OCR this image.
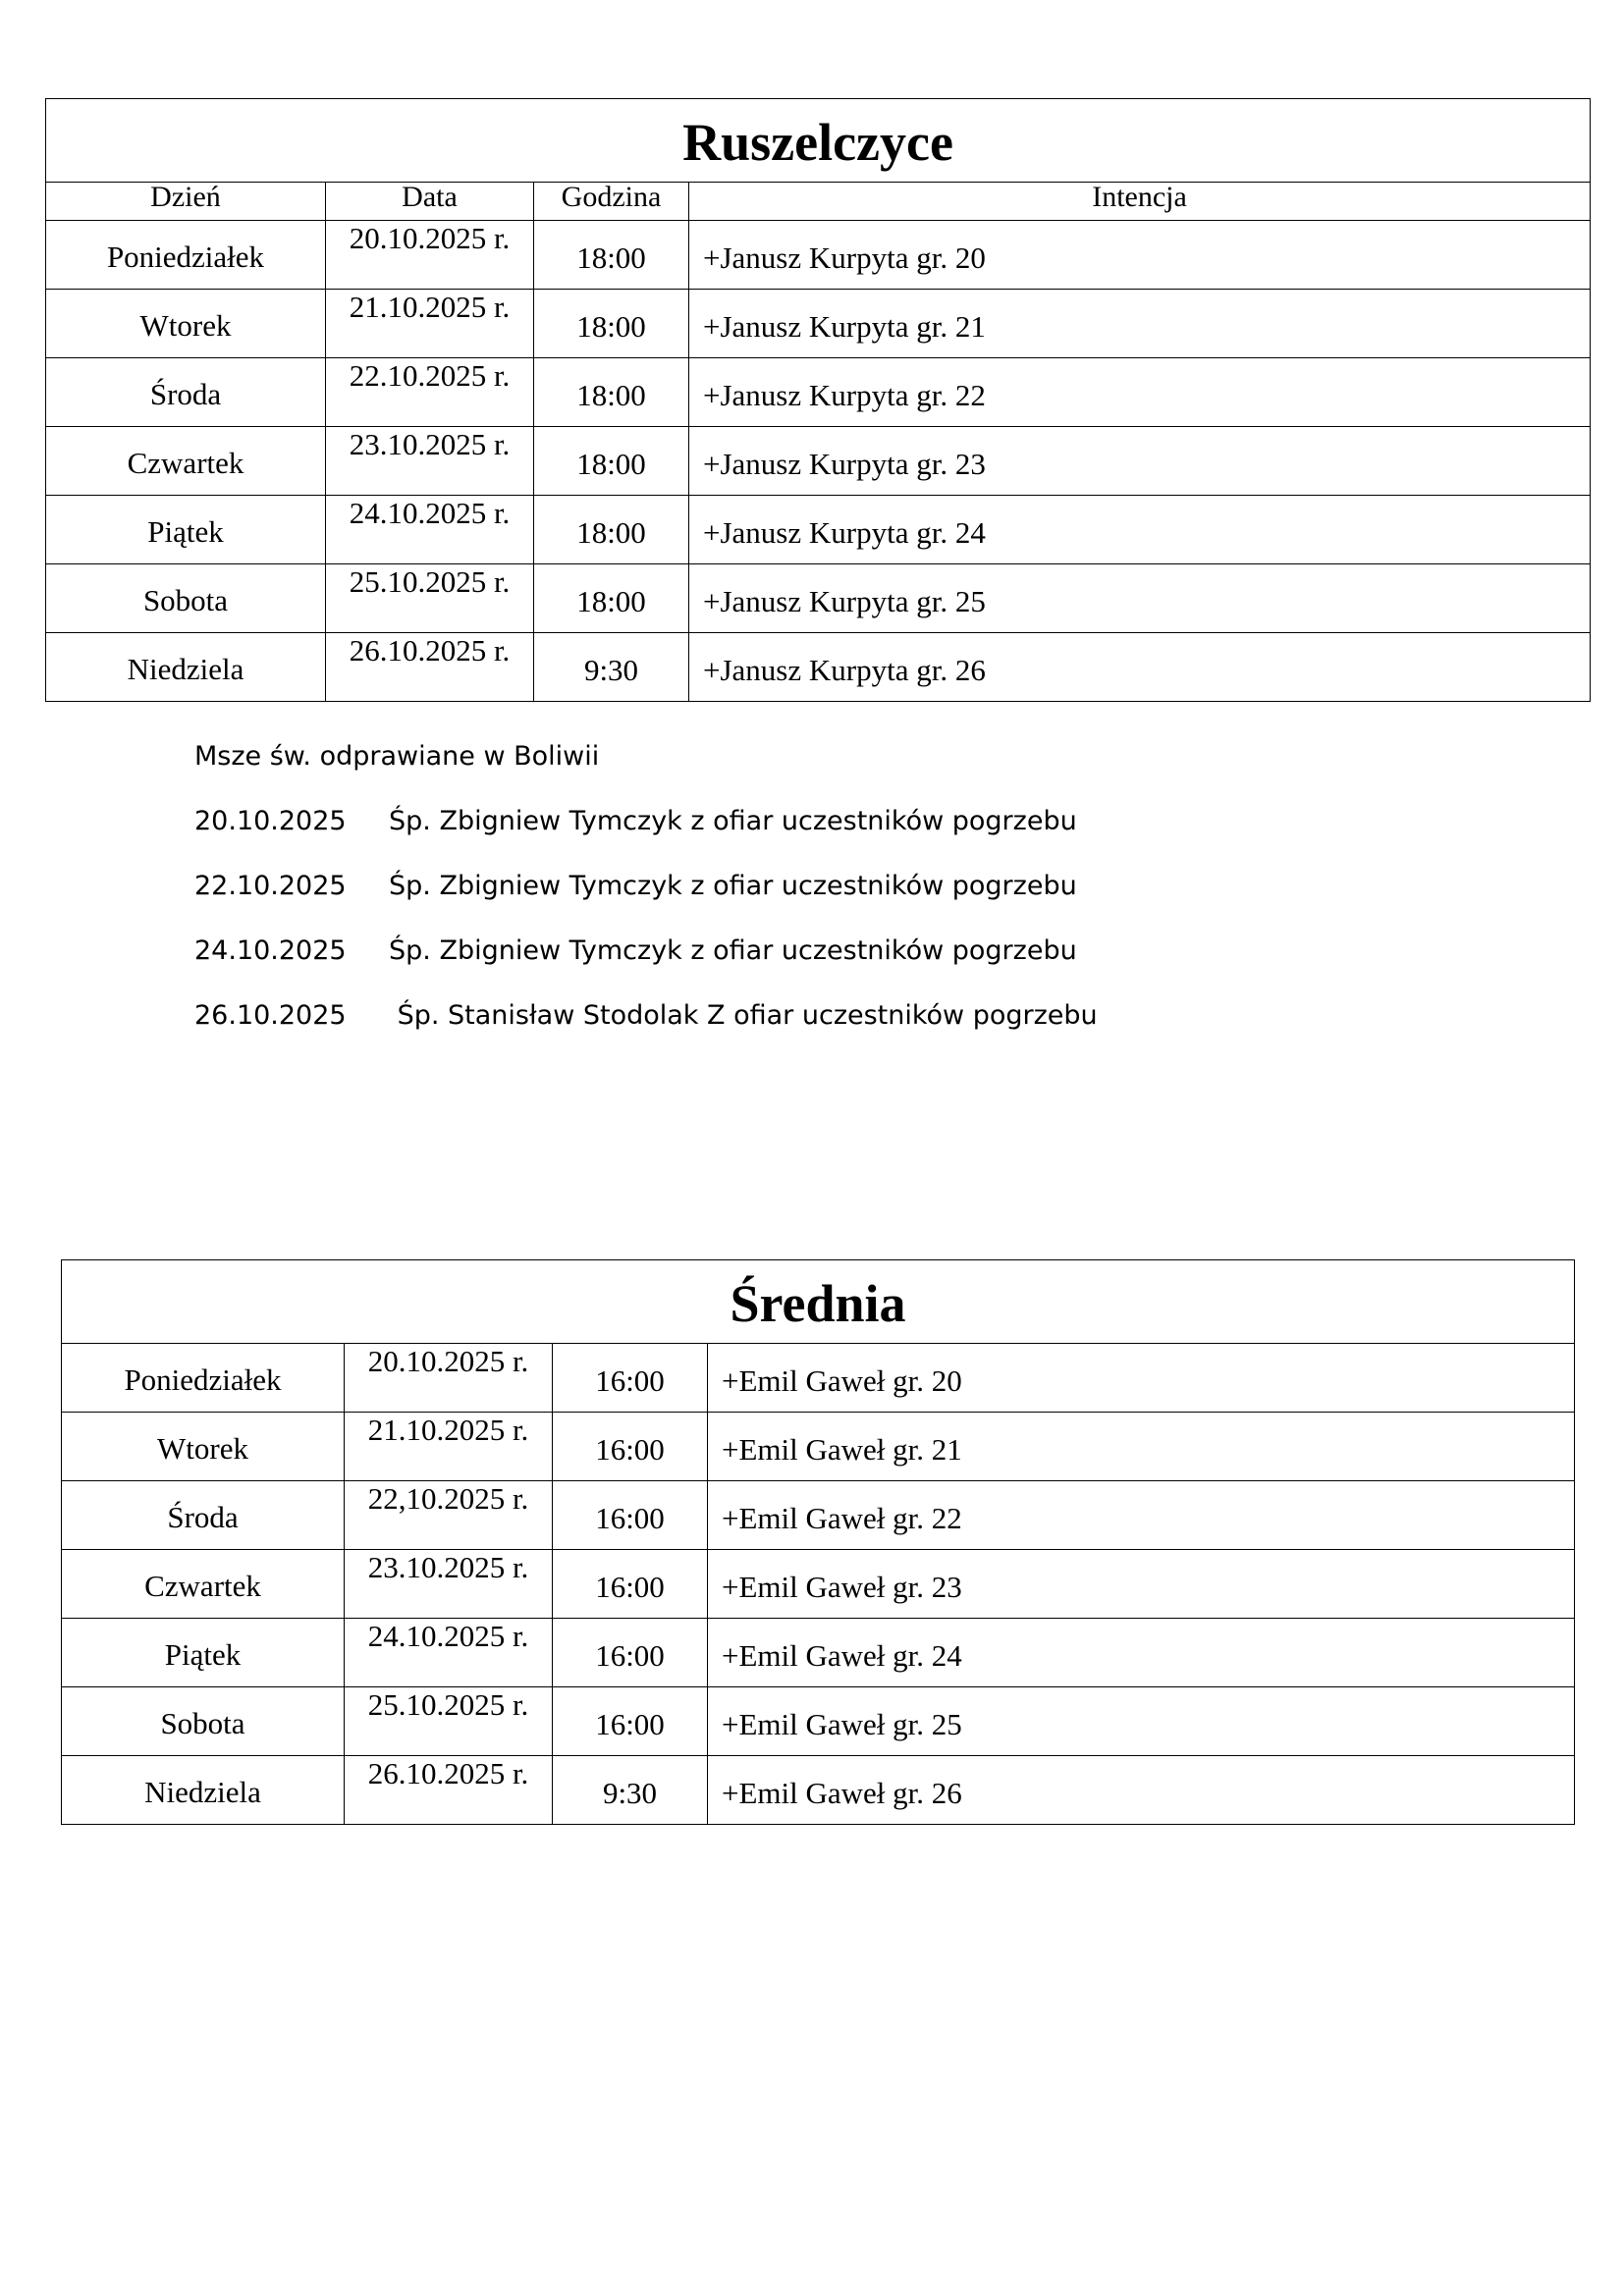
Ruszelczyce			
Dzień	Data	Godzina	Intencja
Poniedziałek	20.10.2025 r.	18:00	+Janusz Kurpyta gr. 20
Wtorek	21.10.2025 r.	18:00	+Janusz Kurpyta gr. 21
Środa	22.10.2025 r.	18:00	+Janusz Kurpyta gr. 22
Czwartek	23.10.2025 r.	18:00	+Janusz Kurpyta gr. 23
Piątek	24.10.2025 r.	18:00	+Janusz Kurpyta gr. 24
Sobota	25.10.2025 r.	18:00	+Janusz Kurpyta gr. 25
Niedziela	26.10.2025 r.	9:30	+Janusz Kurpyta gr. 26
Msze św. odprawiane w Boliwii
20.10.2025 Śp. Zbigniew Tymczyk z ofiar uczestników pogrzebu
22.10.2025 Śp. Zbigniew Tymczyk z ofiar uczestników pogrzebu
24.10.2025 Śp. Zbigniew Tymczyk z ofiar uczestników pogrzebu
26.10.2025 Śp. Stanisław Stodolak Z ofiar uczestników pogrzebu
Średnia			
Poniedziałek	20.10.2025 r.	16:00	+Emil Gaweł gr. 20
Wtorek	21.10.2025 r.	16:00	+Emil Gaweł gr. 21
Środa	22,10.2025 r.	16:00	+Emil Gaweł gr. 22
Czwartek	23.10.2025 r.	16:00	+Emil Gaweł gr. 23
Piątek	24.10.2025 r.	16:00	+Emil Gaweł gr. 24
Sobota	25.10.2025 r.	16:00	+Emil Gaweł gr. 25
Niedziela	26.10.2025 r.	9:30	+Emil Gaweł gr. 26
